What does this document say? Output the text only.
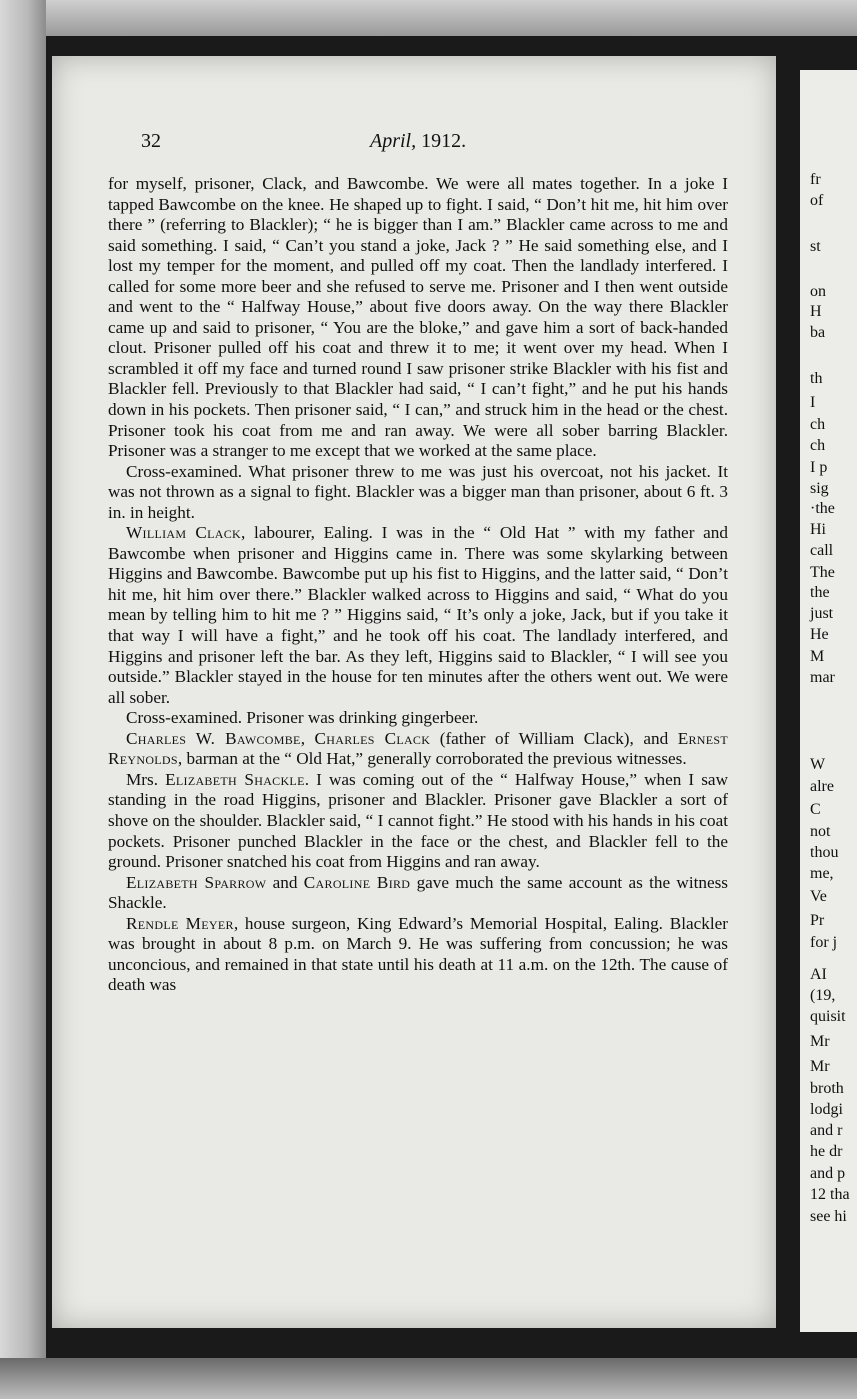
fr
of
st
on
H
ba
th
I
ch
ch
I p
sig
·the
Hi
call
The
the
just
He
M
mar
W
alre
C
not
thou
me,
Ve
Pr
for j
AI
(19,
quisit
Mr
Mr
broth
lodgi
and r
he dr
and p
12 tha
see hi
32	April, 1912.

for myself, prisoner, Clack, and Bawcombe. We were all mates together. In a joke I tapped Bawcombe on the knee. He shaped up to fight. I said, “ Don’t hit me, hit him over there ” (referring to Blackler); “ he is bigger than I am.” Blackler came across to me and said something. I said, “ Can’t you stand a joke, Jack ? ” He said something else, and I lost my temper for the moment, and pulled off my coat. Then the landlady interfered. I called for some more beer and she refused to serve me. Prisoner and I then went outside and went to the “ Halfway House,” about five doors away. On the way there Blackler came up and said to prisoner, “ You are the bloke,” and gave him a sort of back-handed clout. Prisoner pulled off his coat and threw it to me; it went over my head. When I scrambled it off my face and turned round I saw prisoner strike Blackler with his fist and Blackler fell. Previously to that Blackler had said, “ I can’t fight,” and he put his hands down in his pockets. Then prisoner said, “ I can,” and struck him in the head or the chest. Prisoner took his coat from me and ran away. We were all sober barring Blackler. Prisoner was a stranger to me except that we worked at the same place.

Cross-examined. What prisoner threw to me was just his overcoat, not his jacket. It was not thrown as a signal to fight. Blackler was a bigger man than prisoner, about 6 ft. 3 in. in height.

William Clack, labourer, Ealing. I was in the “ Old Hat ” with my father and Bawcombe when prisoner and Higgins came in. There was some skylarking between Higgins and Bawcombe. Bawcombe put up his fist to Higgins, and the latter said, “ Don’t hit me, hit him over there.” Blackler walked across to Higgins and said, “ What do you mean by telling him to hit me ? ” Higgins said, “ It’s only a joke, Jack, but if you take it that way I will have a fight,” and he took off his coat. The landlady interfered, and Higgins and prisoner left the bar. As they left, Higgins said to Blackler, “ I will see you outside.” Blackler stayed in the house for ten minutes after the others went out. We were all sober.

Cross-examined. Prisoner was drinking gingerbeer.

Charles W. Bawcombe, Charles Clack (father of William Clack), and Ernest Reynolds, barman at the “ Old Hat,” generally corroborated the previous witnesses.

Mrs. Elizabeth Shackle. I was coming out of the “ Halfway House,” when I saw standing in the road Higgins, prisoner and Blackler. Prisoner gave Blackler a sort of shove on the shoulder. Blackler said, “ I cannot fight.” He stood with his hands in his coat pockets. Prisoner punched Blackler in the face or the chest, and Blackler fell to the ground. Prisoner snatched his coat from Higgins and ran away.

Elizabeth Sparrow and Caroline Bird gave much the same account as the witness Shackle.

Rendle Meyer, house surgeon, King Edward’s Memorial Hospital, Ealing. Blackler was brought in about 8 p.m. on March 9. He was suffering from concussion; he was unconcious, and remained in that state until his death at 11 a.m. on the 12th. The cause of death was
